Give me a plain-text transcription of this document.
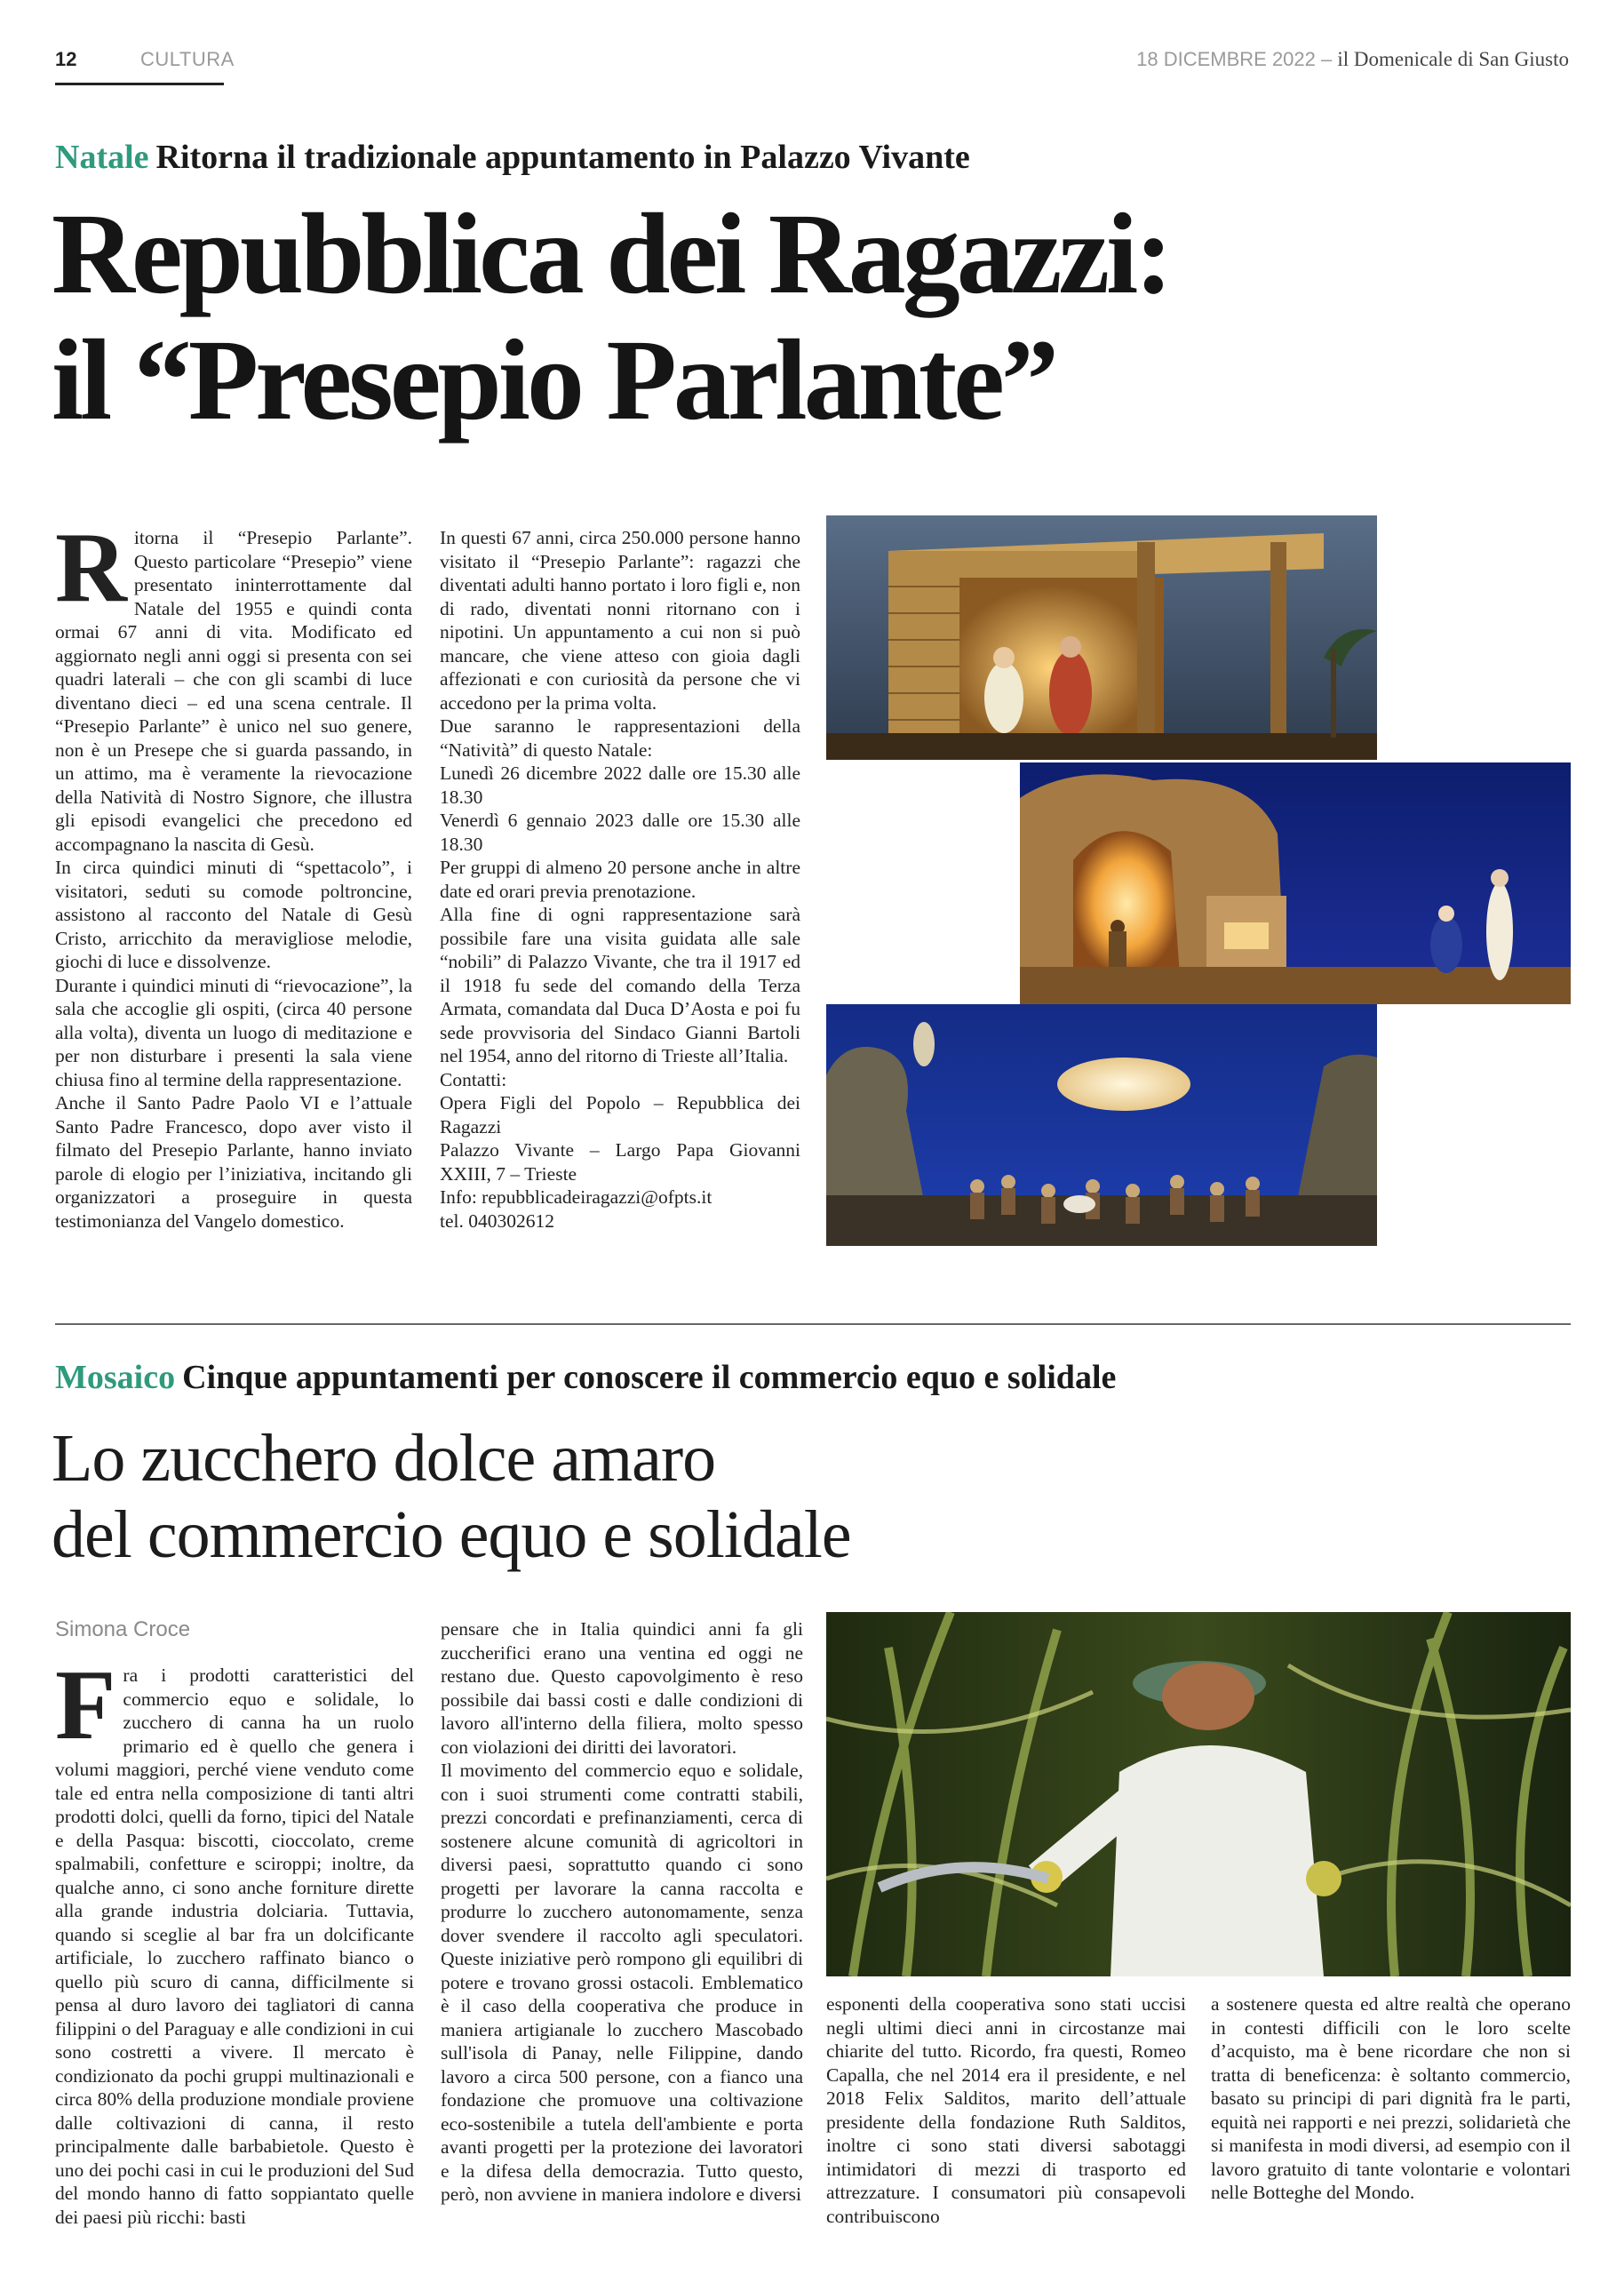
12	CULTURA	18 DICEMBRE 2022 – il Domenicale di San Giusto
Natale Ritorna il tradizionale appuntamento in Palazzo Vivante
Repubblica dei Ragazzi:
il “Presepio Parlante”

Ritorna il “Presepio Parlante”. Questo particolare “Presepio” viene presentato ininterrottamente dal Natale del 1955 e quindi conta ormai 67 anni di vita. Modificato ed aggiornato negli anni oggi si presenta con sei quadri laterali – che con gli scambi di luce diventano dieci – ed una scena centrale. Il “Presepio Parlante” è unico nel suo genere, non è un Presepe che si guarda passando, in un attimo, ma è veramente la rievocazione della Natività di Nostro Signore, che illustra gli episodi evangelici che precedono ed accompagnano la nascita di Gesù.

In circa quindici minuti di “spettacolo”, i visitatori, seduti su comode poltroncine, assistono al racconto del Natale di Gesù Cristo, arricchito da meravigliose melodie, giochi di luce e dissolvenze.

Durante i quindici minuti di “rievocazione”, la sala che accoglie gli ospiti, (circa 40 persone alla volta), diventa un luogo di meditazione e per non disturbare i presenti la sala viene chiusa fino al termine della rappresentazione.

Anche il Santo Padre Paolo VI e l’attuale Santo Padre Francesco, dopo aver visto il filmato del Presepio Parlante, hanno inviato parole di elogio per l’iniziativa, incitando gli organizzatori a proseguire in questa testimonianza del Vangelo domestico.

In questi 67 anni, circa 250.000 persone hanno visitato il “Presepio Parlante”: ragazzi che diventati adulti hanno portato i loro figli e, non di rado, diventati nonni ritornano con i nipotini. Un appuntamento a cui non si può mancare, che viene atteso con gioia dagli affezionati e con curiosità da persone che vi accedono per la prima volta.

Due saranno le rappresentazioni della “Natività” di questo Natale:

Lunedì 26 dicembre 2022 dalle ore 15.30 alle 18.30

Venerdì 6 gennaio 2023 dalle ore 15.30 alle 18.30

Per gruppi di almeno 20 persone anche in altre date ed orari previa prenotazione.

Alla fine di ogni rappresentazione sarà possibile fare una visita guidata alle sale “nobili” di Palazzo Vivante, che tra il 1917 ed il 1918 fu sede del comando della Terza Armata, comandata dal Duca D’Aosta e poi fu sede provvisoria del Sindaco Gianni Bartoli nel 1954, anno del ritorno di Trieste all’Italia.

Contatti:

Opera Figli del Popolo – Repubblica dei Ragazzi

Palazzo Vivante – Largo Papa Giovanni XXIII, 7 – Trieste

Info: repubblicadeiragazzi@ofpts.it

tel. 040302612

Mosaico Cinque appuntamenti per conoscere il commercio equo e solidale
Lo zucchero dolce amaro
del commercio equo e solidale
Simona Croce

Fra i prodotti caratteristici del commercio equo e solidale, lo zucchero di canna ha un ruolo primario ed è quello che genera i volumi maggiori, perché viene venduto come tale ed entra nella composizione di tanti altri prodotti dolci, quelli da forno, tipici del Natale e della Pasqua: biscotti, cioccolato, creme spalmabili, confetture e sciroppi; inoltre, da qualche anno, ci sono anche forniture dirette alla grande industria dolciaria. Tuttavia, quando si sceglie al bar fra un dolcificante artificiale, lo zucchero raffinato bianco o quello più scuro di canna, difficilmente si pensa al duro lavoro dei tagliatori di canna filippini o del Paraguay e alle condizioni in cui sono costretti a vivere. Il mercato è condizionato da pochi gruppi multinazionali e circa 80% della produzione mondiale proviene dalle coltivazioni di canna, il resto principalmente dalle barbabietole. Questo è uno dei pochi casi in cui le produzioni del Sud del mondo hanno di fatto soppiantato quelle dei paesi più ricchi: basti

pensare che in Italia quindici anni fa gli zuccherifici erano una ventina ed oggi ne restano due. Questo capovolgimento è reso possibile dai bassi costi e dalle condizioni di lavoro all'interno della filiera, molto spesso con violazioni dei diritti dei lavoratori.

Il movimento del commercio equo e solidale, con i suoi strumenti come contratti stabili, prezzi concordati e prefinanziamenti, cerca di sostenere alcune comunità di agricoltori in diversi paesi, soprattutto quando ci sono progetti per lavorare la canna raccolta e produrre lo zucchero autonomamente, senza dover svendere il raccolto agli speculatori. Queste iniziative però rompono gli equilibri di potere e trovano grossi ostacoli. Emblematico è il caso della cooperativa che produce in maniera artigianale lo zucchero Mascobado sull'isola di Panay, nelle Filippine, dando lavoro a circa 500 persone, con a fianco una fondazione che promuove una coltivazione eco-sostenibile a tutela dell'ambiente e porta avanti progetti per la protezione dei lavoratori e la difesa della democrazia. Tutto questo, però, non avviene in maniera indolore e diversi

esponenti della cooperativa sono stati uccisi negli ultimi dieci anni in circostanze mai chiarite del tutto. Ricordo, fra questi, Romeo Capalla, che nel 2014 era il presidente, e nel 2018 Felix Salditos, marito dell’attuale presidente della fondazione Ruth Salditos, inoltre ci sono stati diversi sabotaggi intimidatori di mezzi di trasporto ed attrezzature. I consumatori più consapevoli contribuiscono

a sostenere questa ed altre realtà che operano in contesti difficili con le loro scelte d’acquisto, ma è bene ricordare che non si tratta di beneficenza: è soltanto commercio, basato su principi di pari dignità fra le parti, equità nei rapporti e nei prezzi, solidarietà che si manifesta in modi diversi, ad esempio con il lavoro gratuito di tante volontarie e volontari nelle Botteghe del Mondo.
